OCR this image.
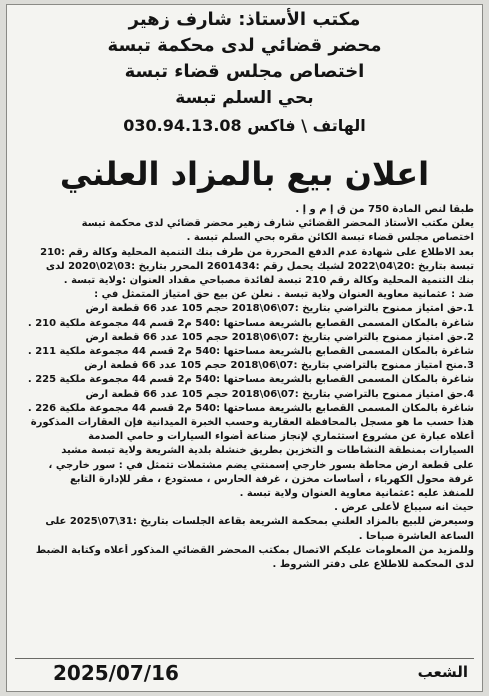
مكتب الأستاذ: شارف زهير
محضر قضائي لدى محكمة تبسة
اختصاص مجلس قضاء تبسة
بحي السلم تبسة
الهاتف \ فاكس 030.94.13.08
اعلان بيع بالمزاد العلني

طبقا لنص المادة 750 من ق إ م و إ .

يعلن مكتب الأستاذ المحضر القضائي شارف زهير محضر قضائي لدى محكمة تبسة

اختصاص مجلس قضاء تبسة الكائن مقره بحي السلم تبسة .

بعد الاطلاع على شهادة عدم الدفع المحررة من طرف بنك التنمية المحلية وكالة رقم :210

تبسة بتاريخ :20\04\2022 لشيك يحمل رقم :2601434 المحرر بتاريخ :03\02\2020 لدى

بنك التنمية المحلية وكالة رقم 210 تبسة لفائدة مصباحي مقداد العنوان :ولاية تبسة .

ضد : عثمانية معاوية العنوان ولاية تبسة . نعلن عن بيع حق امتياز المتمثل في :

1.حق امتياز ممنوح بالتراضي بتاريخ :07\06\2018 حجم 105 عدد 66 قطعة ارض

شاغرة بالمكان المسمى القصابع بالشريعة مساحتها :540 م2 قسم 44 مجموعة ملكية 210 .

2.حق امتياز ممنوح بالتراضي بتاريخ :07\06\2018 حجم 105 عدد 66 قطعة ارض

شاغرة بالمكان المسمى القصابع بالشريعة مساحتها :540 م2 قسم 44 مجموعة ملكية 211 .

3.منح امتياز ممنوح بالتراضي بتاريخ :07\06\2018 حجم 105 عدد 66 قطعة ارض

شاغرة بالمكان المسمى القصابع بالشريعة مساحتها :540 م2 قسم 44 مجموعة ملكية 225 .

4.حق امتياز ممنوح بالتراضي بتاريخ :07\06\2018 حجم 105 عدد 66 قطعة ارض

شاغرة بالمكان المسمى القصابع بالشريعة مساحتها :540 م2 قسم 44 مجموعة ملكية 226 .

هذا حسب ما هو مسجل بالمحافظة العقارية وحسب الخبرة الميدانية فإن العقارات المذكورة

أعلاه عبارة عن مشروع استثماري لإنجاز صناعة أضواء السيارات و حامي الصدمة

السيارات بمنطقة النشاطات و التخزين بطريق خنشلة بلدية الشريعة ولاية تبسة مشيد

على قطعة ارض محاطة بسور خارجي إسمنتي يضم مشتملات تتمثل في : سور خارجي ،

غرفة محول الكهرباء ، أساسات مخزن ، غرفة الحارس ، مستودع ، مقر للإدارة التابع

للمنفذ عليه :عثمانية معاوية العنوان ولاية تبسة .

حيث انه سيباع لأعلى عرض .

وسيعرض للبيع بالمزاد العلني بمحكمة الشريعة بقاعة الجلسات بتاريخ :31\07\2025 على

الساعة العاشرة صباحا .

وللمزيد من المعلومات عليكم الاتصال بمكتب المحضر القضائي المذكور أعلاه وكتابة الضبط

لدى المحكمة للاطلاع على دفتر الشروط .

2025/07/16	الشعب
